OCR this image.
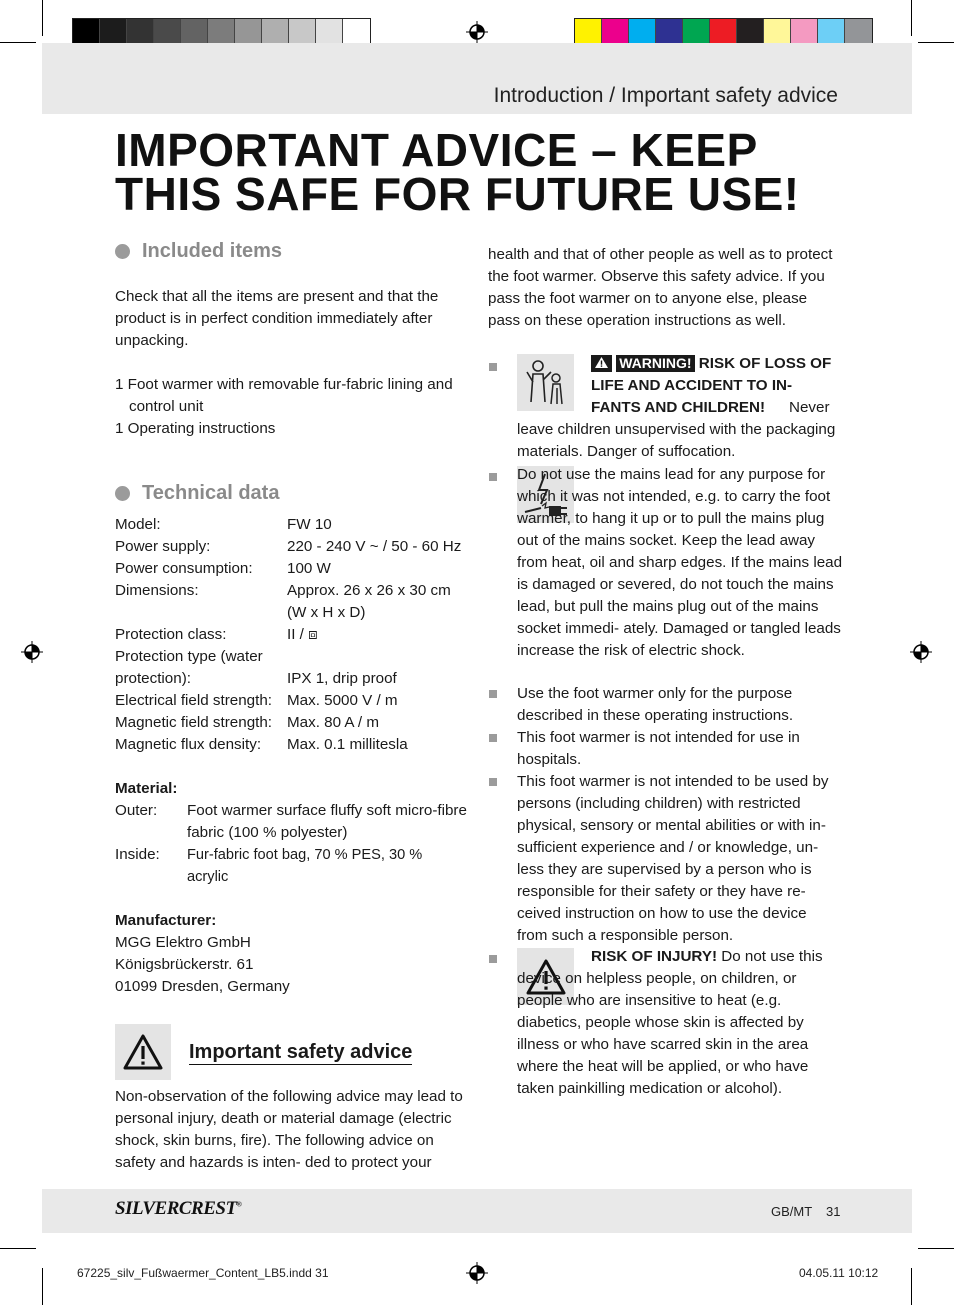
Introduction / Important safety advice
IMPORTANT ADVICE – KEEP THIS SAFE FOR FUTURE USE!
Included items

Check that all the items are present and that the product is in perfect condition immediately after unpacking.

1 Foot warmer with removable fur-fabric lining and control unit

1 Operating instructions

Technical data
Model:	FW 10
Power supply:	220 - 240 V ~ / 50 - 60 Hz
Power consumption:	100 W
Dimensions:	Approx. 26 x 26 x 30 cm (W x H x D)
Protection class:	II / ⧈
Protection type (water protection):	IPX 1, drip proof
Electrical field strength: Max. 5000 V / m
Magnetic field strength: Max. 80 A / m
Magnetic flux density:	Max. 0.1 millitesla

Material:

Outer:	Foot warmer surface fluffy soft micro-fibre fabric (100 % polyester)
Inside:	Fur-fabric foot bag, 70 % PES, 30 % acrylic

Manufacturer:

MGG Elektro GmbH

Königsbrückerstr. 61

01099 Dresden, Germany

Important safety advice

Non-observation of the following advice may lead to personal injury, death or material damage (electric shock, skin burns, fire). The following advice on safety and hazards is inten- ded to protect your

health and that of other people as well as to protect the foot warmer. Observe this safety advice. If you pass the foot warmer on to anyone else, please pass on these operation instructions as well.

WARNING! RISK OF LOSS OF LIFE AND ACCIDENT TO IN- FANTS AND CHILDREN!	Never leave children unsupervised with the packaging materials. Danger of suffocation.
Do not use the mains lead for any purpose for which it was not intended, e.g. to carry the foot warmer, to hang it up or to pull the mains plug out of the mains socket. Keep the lead away from heat, oil and sharp edges. If the mains lead is damaged or severed, do not touch the mains lead, but pull the mains plug out of the mains socket immedi- ately. Damaged or tangled leads increase the risk of electric shock.
Use the foot warmer only for the purpose described in these operating instructions.
This foot warmer is not intended for use in hospitals.
This foot warmer is not intended to be used by persons (including children) with restricted physical, sensory or mental abilities or with in- sufficient experience and / or knowledge, un- less they are supervised by a person who is responsible for their safety or they have re- ceived instruction on how to use the device from such a responsible person.
RISK OF INJURY! Do not use this device on helpless people, on children, or people who are insensitive to heat (e.g. diabetics, people whose skin is affected by illness or who have scarred skin in the area where the heat will be applied, or who have taken painkilling medication or alcohol).
SILVERCREST®	GB/MT 31
67225_silv_Fußwaermer_Content_LB5.indd 31	04.05.11 10:12
